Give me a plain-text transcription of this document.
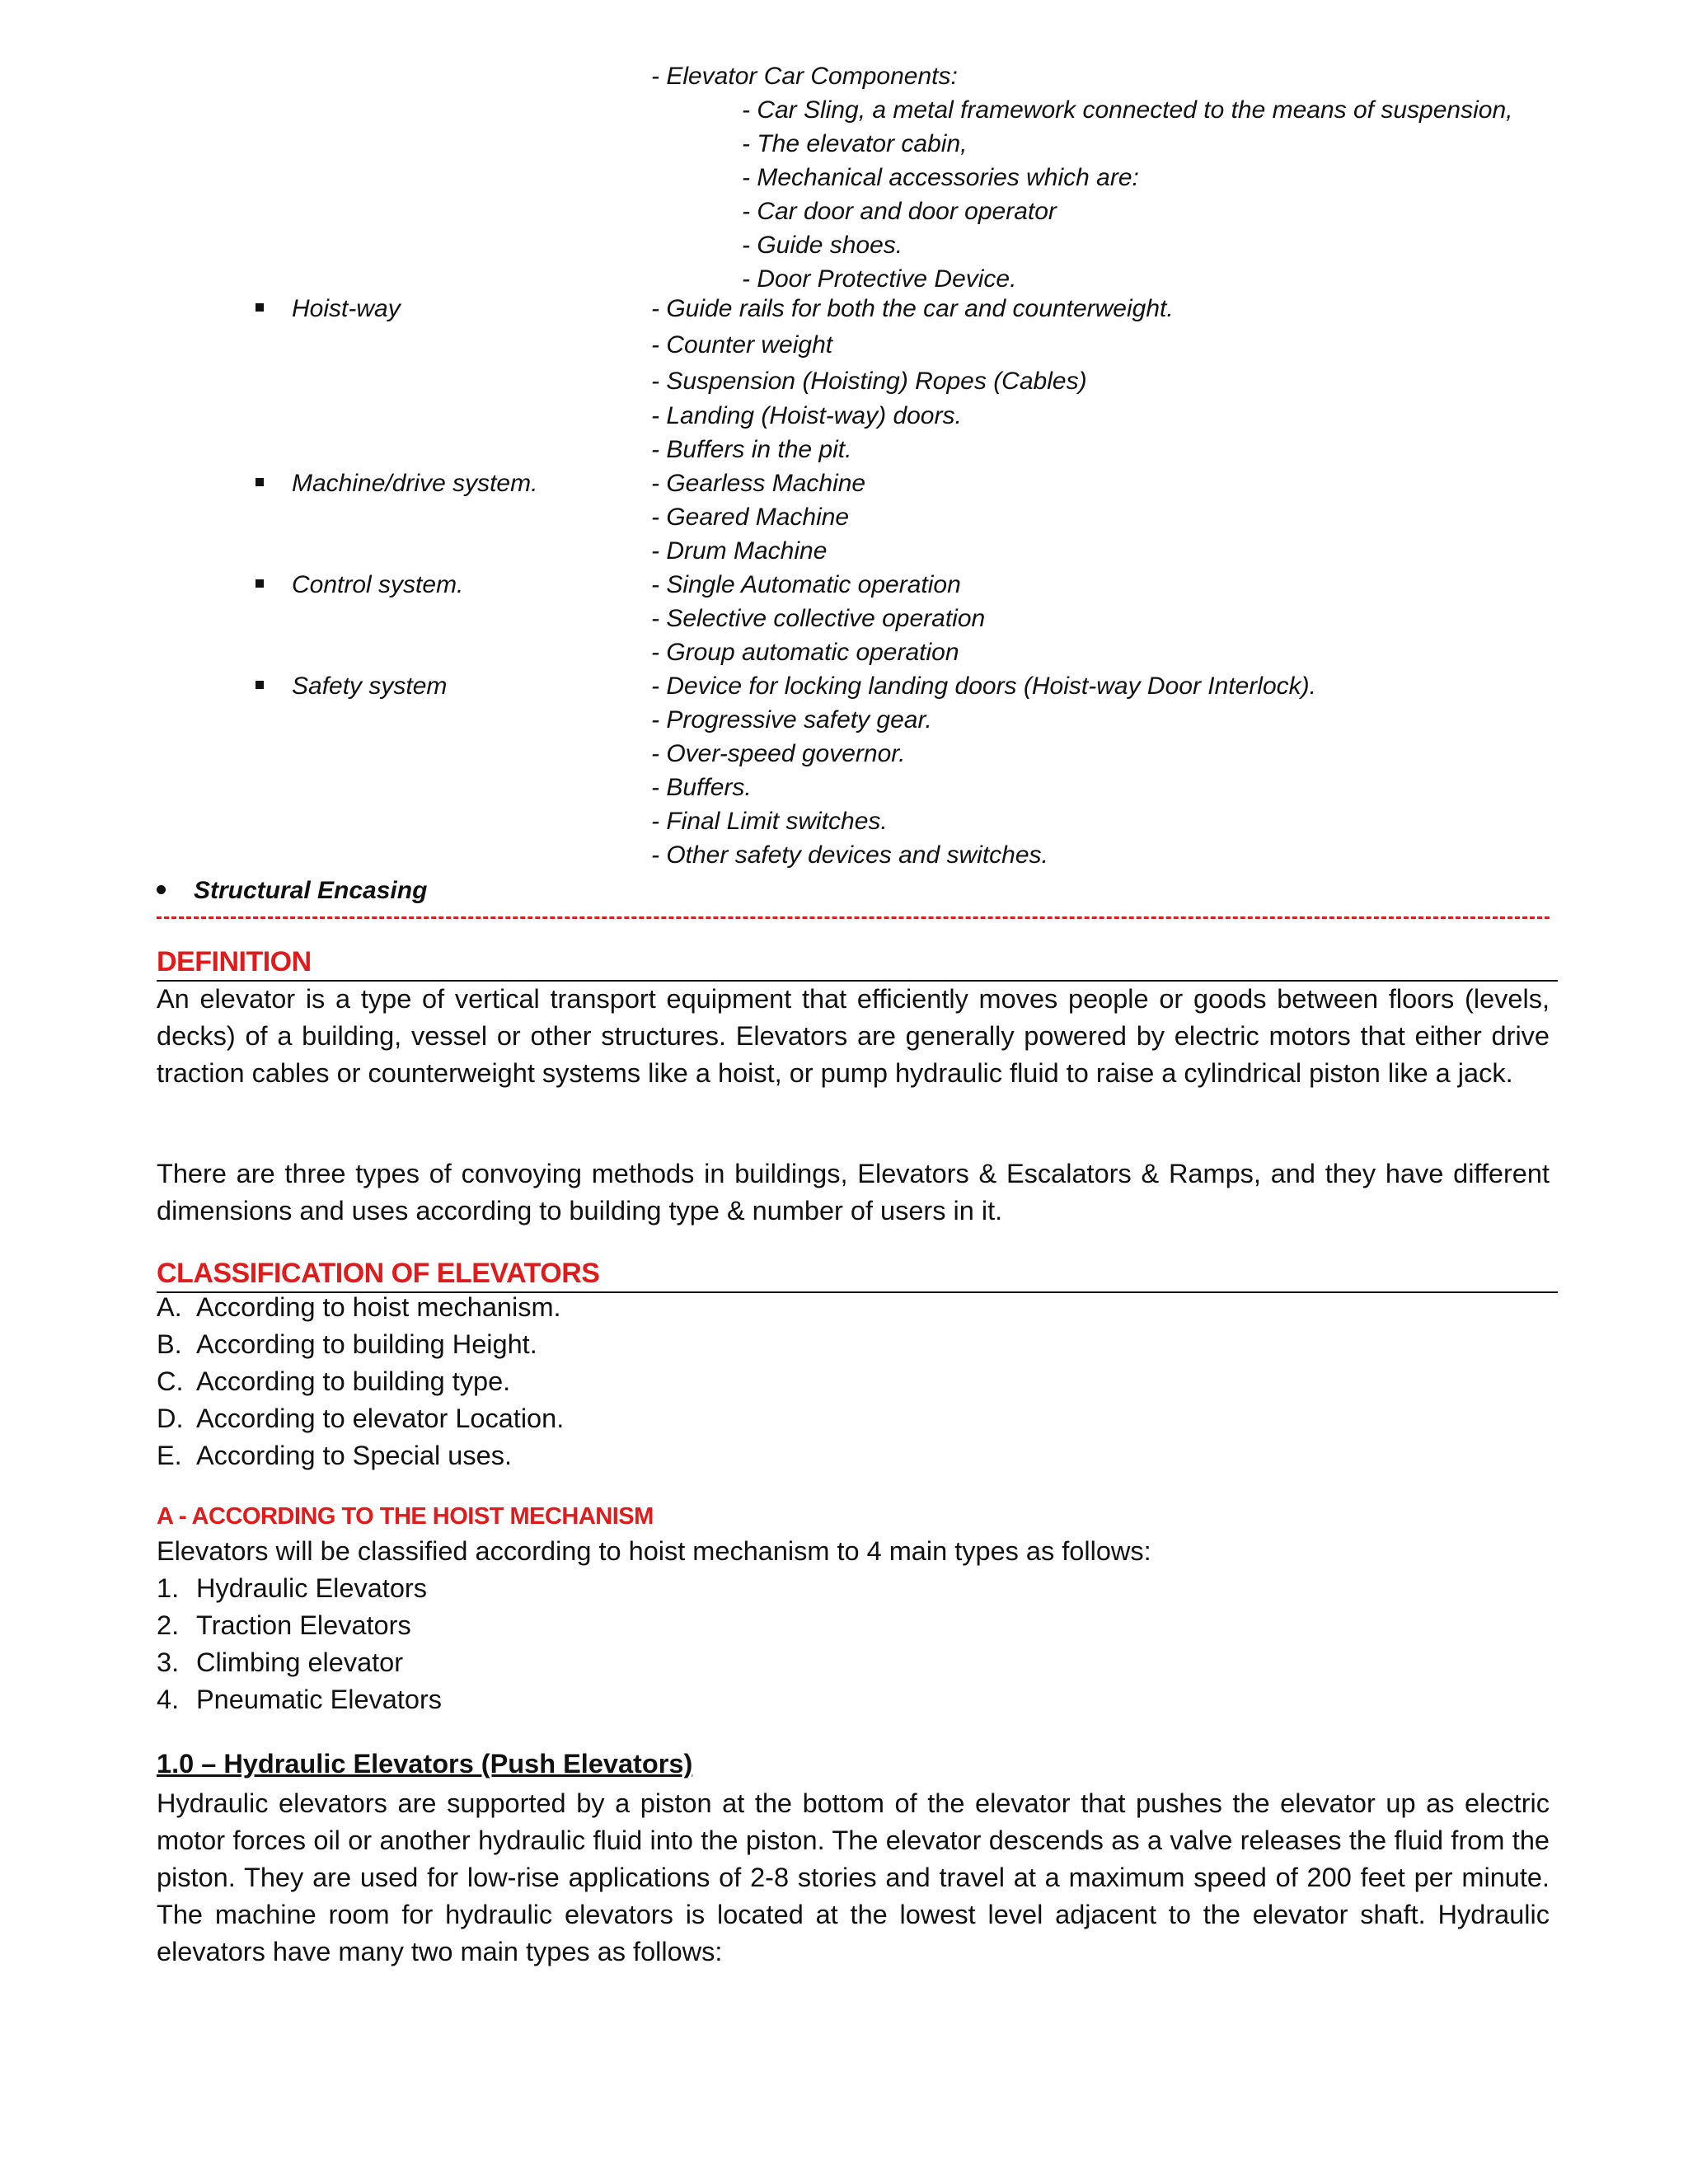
- Elevator Car Components:
- Car Sling, a metal framework connected to the means of suspension,
- The elevator cabin,
- Mechanical accessories which are:
- Car door and door operator
- Guide shoes.
- Door Protective Device.
Hoist-way	- Guide rails for both the car and counterweight.
- Counter weight
- Suspension (Hoisting) Ropes (Cables)
- Landing (Hoist-way) doors.
- Buffers in the pit.
Machine/drive system.	- Gearless Machine
- Geared Machine
- Drum Machine
Control system.	- Single Automatic operation
- Selective collective operation
- Group automatic operation
Safety system	- Device for locking landing doors (Hoist-way Door Interlock).
- Progressive safety gear.
- Over-speed governor.
- Buffers.
- Final Limit switches.
- Other safety devices and switches.
Structural Encasing
DEFINITION
An elevator is a type of vertical transport equipment that efficiently moves people or goods between floors (levels, decks) of a building, vessel or other structures. Elevators are generally powered by electric motors that either drive traction cables or counterweight systems like a hoist, or pump hydraulic fluid to raise a cylindrical piston like a jack.
There are three types of convoying methods in buildings, Elevators & Escalators & Ramps, and they have different dimensions and uses according to building type & number of users in it.
CLASSIFICATION OF ELEVATORS
A. According to hoist mechanism.
B. According to building Height.
C. According to building type.
D. According to elevator Location.
E. According to Special uses.
A - ACCORDING TO THE HOIST MECHANISM
Elevators will be classified according to hoist mechanism to 4 main types as follows:
1. Hydraulic Elevators
2. Traction Elevators
3. Climbing elevator
4. Pneumatic Elevators
1.0 – Hydraulic Elevators (Push Elevators)
Hydraulic elevators are supported by a piston at the bottom of the elevator that pushes the elevator up as electric motor forces oil or another hydraulic fluid into the piston. The elevator descends as a valve releases the fluid from the piston. They are used for low-rise applications of 2-8 stories and travel at a maximum speed of 200 feet per minute. The machine room for hydraulic elevators is located at the lowest level adjacent to the elevator shaft. Hydraulic elevators have many two main types as follows:
